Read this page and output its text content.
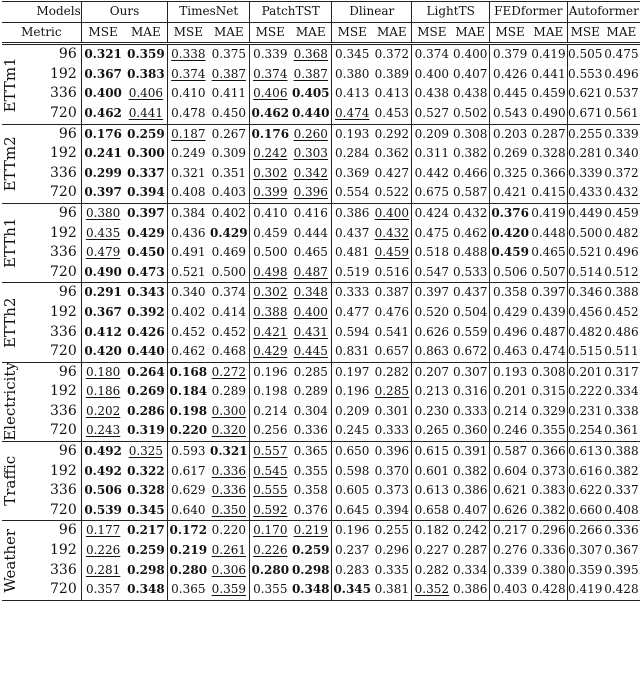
Models		Ours		TimesNet		PatchTST		Dlinear		LightTS		FEDformer		Autoformer	
Metric		MSE	MAE	MSE	MAE	MSE	MAE	MSE	MAE	MSE	MAE	MSE	MAE	MSE	MAE

ETTm1	96	0.321	0.359	0.338	0.375	0.339	0.368	0.345	0.372	0.374	0.400	0.379	0.419	0.505	0.475
	192	0.367	0.383	0.374	0.387	0.374	0.387	0.380	0.389	0.400	0.407	0.426	0.441	0.553	0.496
	336	0.400	0.406	0.410	0.411	0.406	0.405	0.413	0.413	0.438	0.438	0.445	0.459	0.621	0.537
	720	0.462	0.441	0.478	0.450	0.462	0.440	0.474	0.453	0.527	0.502	0.543	0.490	0.671	0.561

ETTm2	96	0.176	0.259	0.187	0.267	0.176	0.260	0.193	0.292	0.209	0.308	0.203	0.287	0.255	0.339
	192	0.241	0.300	0.249	0.309	0.242	0.303	0.284	0.362	0.311	0.382	0.269	0.328	0.281	0.340
	336	0.299	0.337	0.321	0.351	0.302	0.342	0.369	0.427	0.442	0.466	0.325	0.366	0.339	0.372
	720	0.397	0.394	0.408	0.403	0.399	0.396	0.554	0.522	0.675	0.587	0.421	0.415	0.433	0.432

ETTh1	96	0.380	0.397	0.384	0.402	0.410	0.416	0.386	0.400	0.424	0.432	0.376	0.419	0.449	0.459
	192	0.435	0.429	0.436	0.429	0.459	0.444	0.437	0.432	0.475	0.462	0.420	0.448	0.500	0.482
	336	0.479	0.450	0.491	0.469	0.500	0.465	0.481	0.459	0.518	0.488	0.459	0.465	0.521	0.496
	720	0.490	0.473	0.521	0.500	0.498	0.487	0.519	0.516	0.547	0.533	0.506	0.507	0.514	0.512

ETTh2	96	0.291	0.343	0.340	0.374	0.302	0.348	0.333	0.387	0.397	0.437	0.358	0.397	0.346	0.388
	192	0.367	0.392	0.402	0.414	0.388	0.400	0.477	0.476	0.520	0.504	0.429	0.439	0.456	0.452
	336	0.412	0.426	0.452	0.452	0.421	0.431	0.594	0.541	0.626	0.559	0.496	0.487	0.482	0.486
	720	0.420	0.440	0.462	0.468	0.429	0.445	0.831	0.657	0.863	0.672	0.463	0.474	0.515	0.511

Electricity	96	0.180	0.264	0.168	0.272	0.196	0.285	0.197	0.282	0.207	0.307	0.193	0.308	0.201	0.317
	192	0.186	0.269	0.184	0.289	0.198	0.289	0.196	0.285	0.213	0.316	0.201	0.315	0.222	0.334
	336	0.202	0.286	0.198	0.300	0.214	0.304	0.209	0.301	0.230	0.333	0.214	0.329	0.231	0.338
	720	0.243	0.319	0.220	0.320	0.256	0.336	0.245	0.333	0.265	0.360	0.246	0.355	0.254	0.361

Traffic	96	0.492	0.325	0.593	0.321	0.557	0.365	0.650	0.396	0.615	0.391	0.587	0.366	0.613	0.388
	192	0.492	0.322	0.617	0.336	0.545	0.355	0.598	0.370	0.601	0.382	0.604	0.373	0.616	0.382
	336	0.506	0.328	0.629	0.336	0.555	0.358	0.605	0.373	0.613	0.386	0.621	0.383	0.622	0.337
	720	0.539	0.345	0.640	0.350	0.592	0.376	0.645	0.394	0.658	0.407	0.626	0.382	0.660	0.408

Weather	96	0.177	0.217	0.172	0.220	0.170	0.219	0.196	0.255	0.182	0.242	0.217	0.296	0.266	0.336
	192	0.226	0.259	0.219	0.261	0.226	0.259	0.237	0.296	0.227	0.287	0.276	0.336	0.307	0.367
	336	0.281	0.298	0.280	0.306	0.280	0.298	0.283	0.335	0.282	0.334	0.339	0.380	0.359	0.395
	720	0.357	0.348	0.365	0.359	0.355	0.348	0.345	0.381	0.352	0.386	0.403	0.428	0.419	0.428
